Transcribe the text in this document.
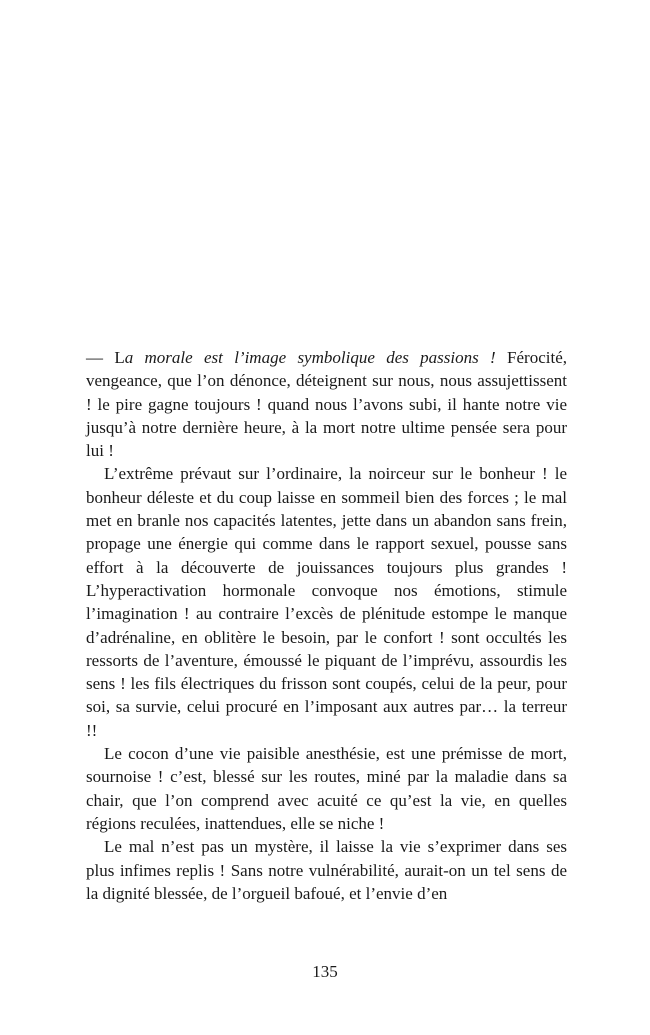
— La morale est l’image symbolique des passions ! Férocité, vengeance, que l’on dénonce, déteignent sur nous, nous assujettissent ! le pire gagne toujours ! quand nous l’avons subi, il hante notre vie jusqu’à notre dernière heure, à la mort notre ultime pensée sera pour lui !

L’extrême prévaut sur l’ordinaire, la noirceur sur le bonheur ! le bonheur déleste et du coup laisse en sommeil bien des forces ; le mal met en branle nos capacités latentes, jette dans un abandon sans frein, propage une énergie qui comme dans le rapport sexuel, pousse sans effort à la découverte de jouissances toujours plus grandes ! L’hyperactivation hormonale convoque nos émotions, stimule l’imagination ! au contraire l’excès de plénitude estompe le manque d’adrénaline, en oblitère le besoin, par le confort ! sont occultés les ressorts de l’aventure, émoussé le piquant de l’imprévu, assourdis les sens ! les fils électriques du frisson sont coupés, celui de la peur, pour soi, sa survie, celui procuré en l’imposant aux autres par… la terreur !!

Le cocon d’une vie paisible anesthésie, est une prémisse de mort, sournoise ! c’est, blessé sur les routes, miné par la maladie dans sa chair, que l’on comprend avec acuité ce qu’est la vie, en quelles régions reculées, inattendues, elle se niche !

Le mal n’est pas un mystère, il laisse la vie s’exprimer dans ses plus infimes replis ! Sans notre vulnérabilité, aurait-on un tel sens de la dignité blessée, de l’orgueil bafoué, et l’envie d’en

135
